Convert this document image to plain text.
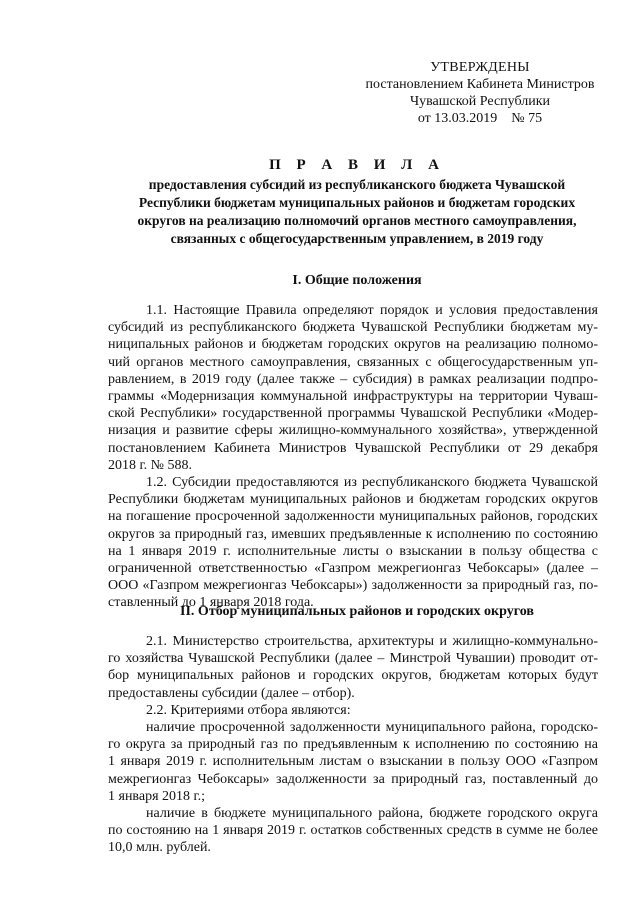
УТВЕРЖДЕНЫ
постановлением Кабинета Министров
Чувашской Республики
от 13.03.2019    № 75
П Р А В И Л А
предоставления субсидий из республиканского бюджета Чувашской
Республики бюджетам муниципальных районов и бюджетам городских
округов на реализацию полномочий органов местного самоуправления,
связанных с общегосударственным управлением, в 2019 году
I. Общие положения
1.1. Настоящие Правила определяют порядок и условия предоставления
субсидий из республиканского бюджета Чувашской Республики бюджетам му-
ниципальных районов и бюджетам городских округов на реализацию полномо-
чий органов местного самоуправления, связанных с общегосударственным уп-
равлением, в 2019 году (далее также – субсидия) в рамках реализации подпро-
граммы «Модернизация коммунальной инфраструктуры на территории Чуваш-
ской Республики» государственной программы Чувашской Республики «Модер-
низация и развитие сферы жилищно-коммунального хозяйства», утвержденной
постановлением Кабинета Министров Чувашской Республики от 29 декабря
2018 г. № 588.
1.2. Субсидии предоставляются из республиканского бюджета Чувашской
Республики бюджетам муниципальных районов и бюджетам городских округов
на погашение просроченной задолженности муниципальных районов, городских
округов за природный газ, имевших предъявленные к исполнению по состоянию
на 1 января 2019 г. исполнительные листы о взыскании в пользу общества с
ограниченной ответственностью «Газпром межрегионгаз Чебоксары» (далее –
ООО «Газпром межрегионгаз Чебоксары») задолженности за природный газ, по-
ставленный до 1 января 2018 года.
II. Отбор муниципальных районов и городских округов
2.1. Министерство строительства, архитектуры и жилищно-коммунально-
го хозяйства Чувашской Республики (далее – Минстрой Чувашии) проводит от-
бор муниципальных районов и городских округов, бюджетам которых будут
предоставлены субсидии (далее – отбор).
2.2. Критериями отбора являются:
наличие просроченной задолженности муниципального района, городско-
го округа за природный газ по предъявленным к исполнению по состоянию на
1 января 2019 г. исполнительным листам о взыскании в пользу ООО «Газпром
межрегионгаз Чебоксары» задолженности за природный газ, поставленный до
1 января 2018 г.;
наличие в бюджете муниципального района, бюджете городского округа
по состоянию на 1 января 2019 г. остатков собственных средств в сумме не более
10,0 млн. рублей.
